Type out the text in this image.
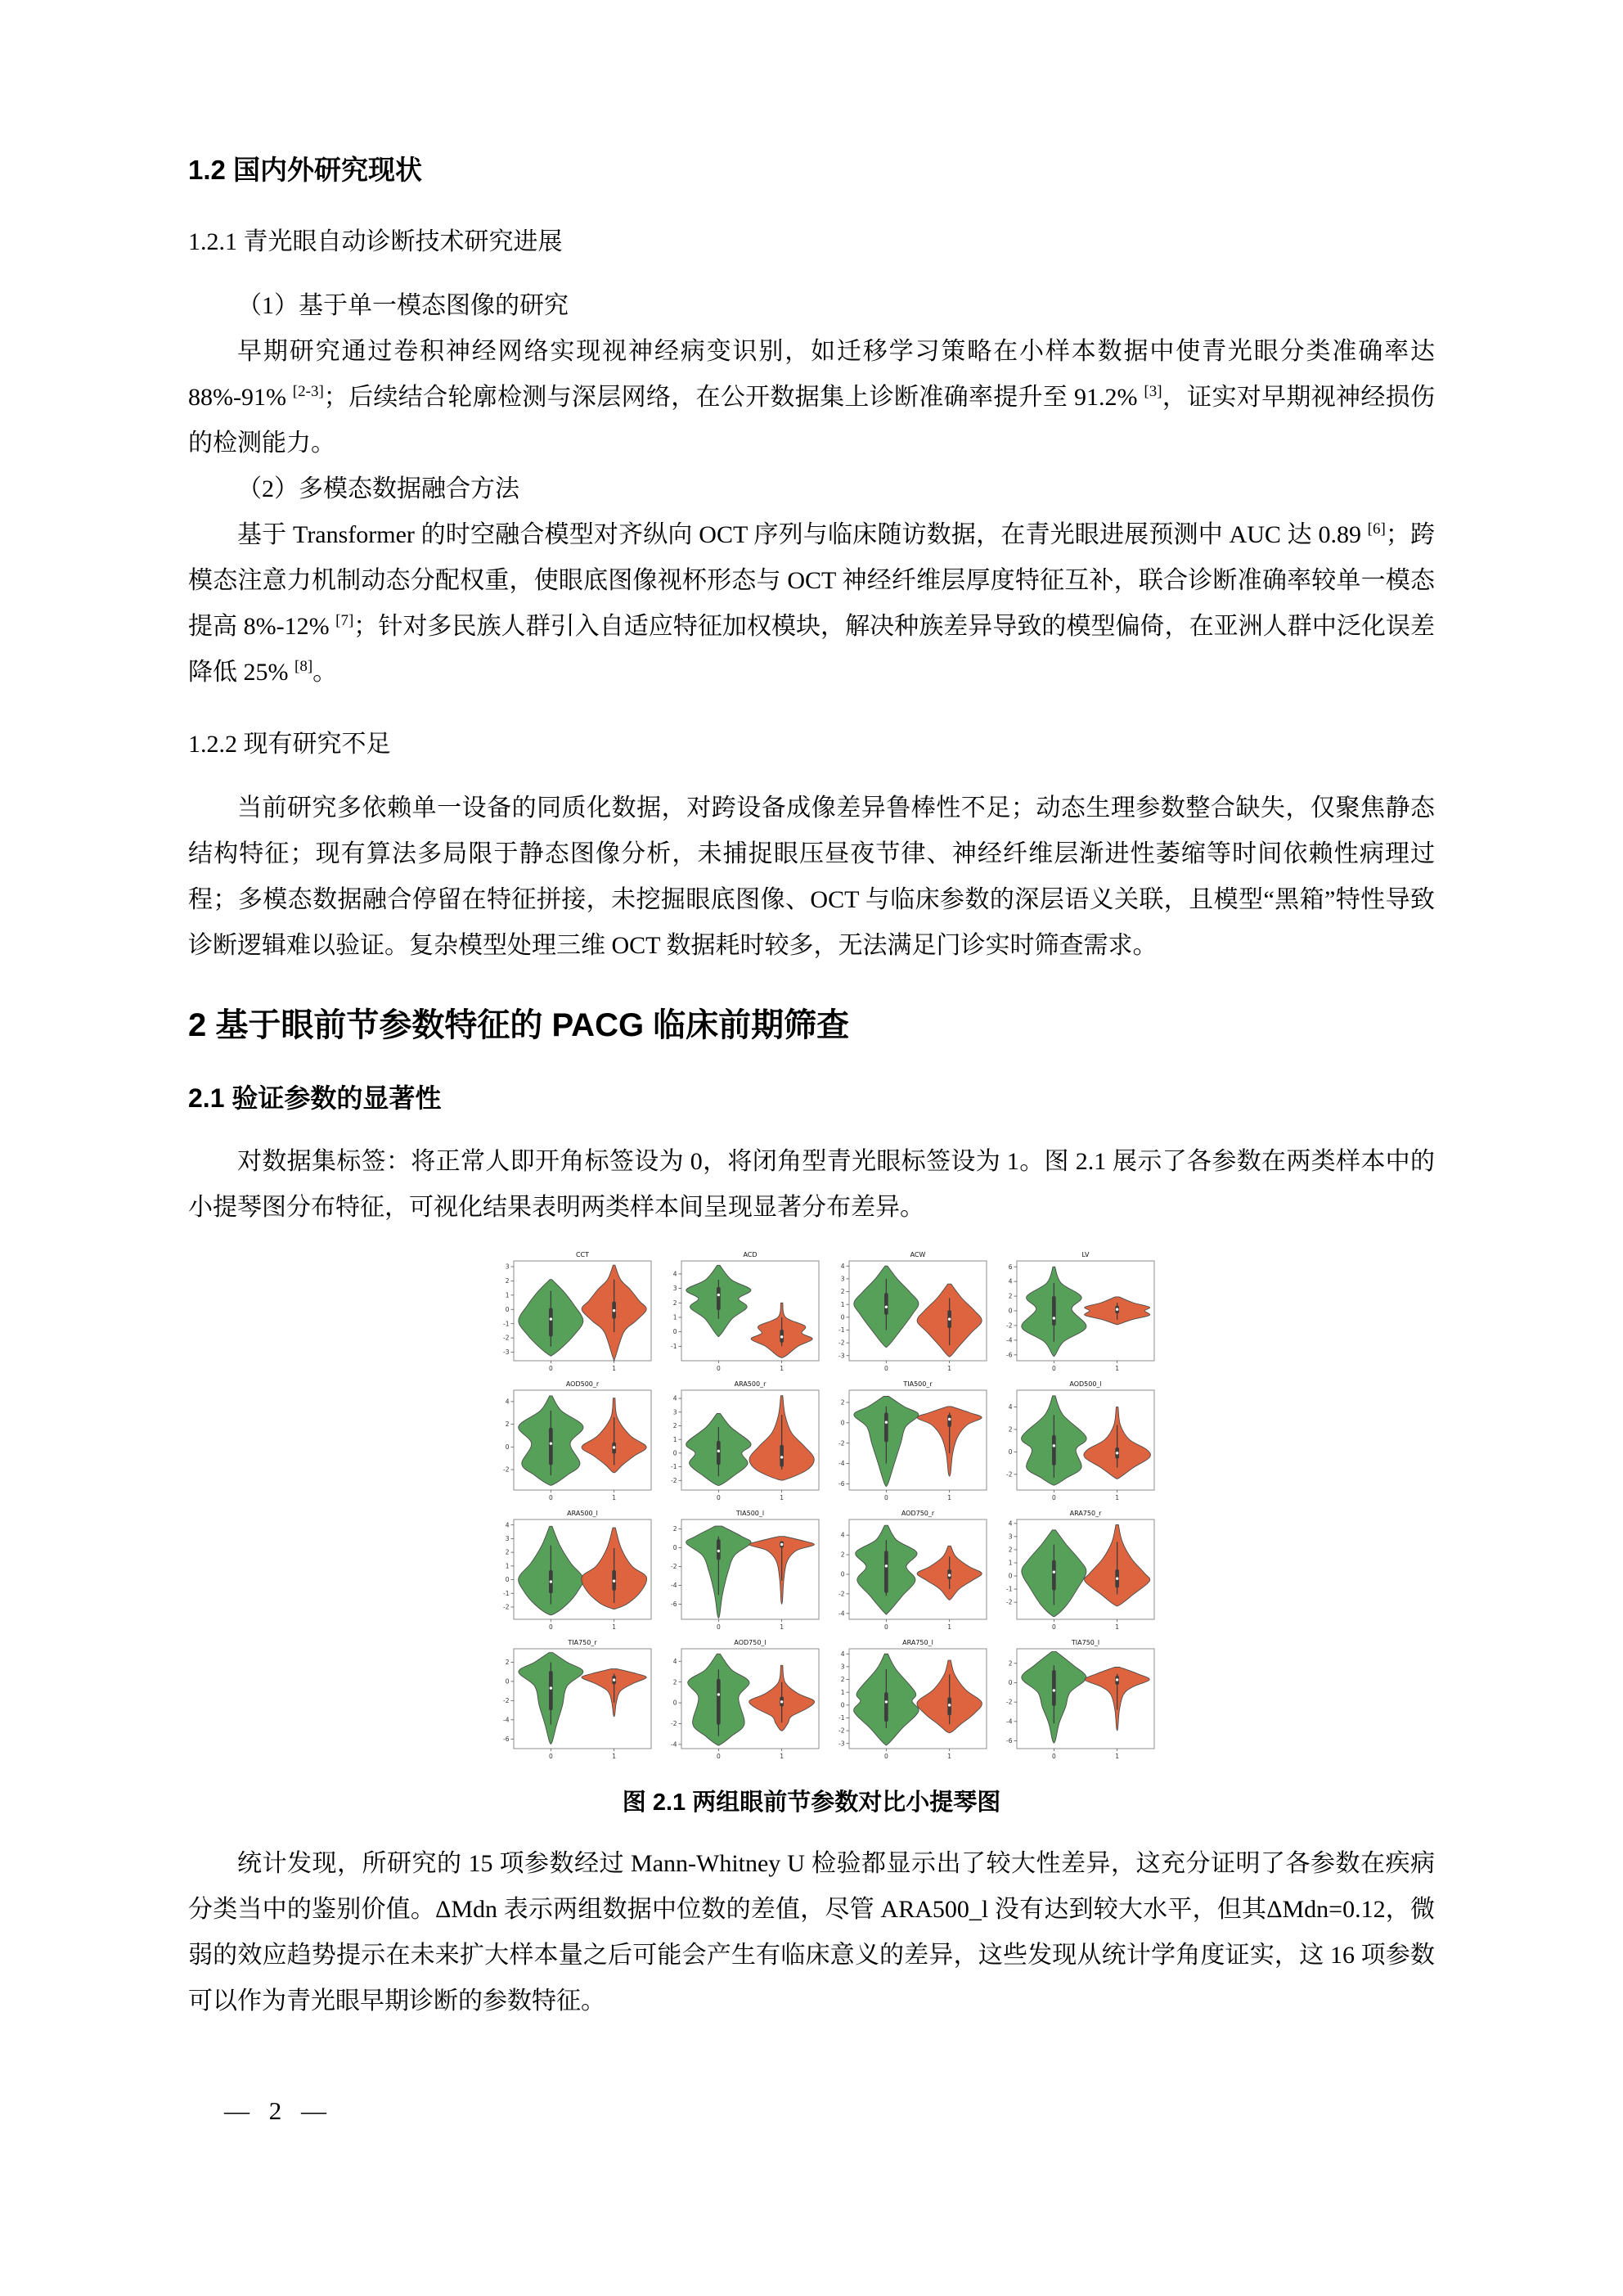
1.2 国内外研究现状
1.2.1 青光眼自动诊断技术研究进展

（1）基于单一模态图像的研究

早期研究通过卷积神经网络实现视神经病变识别，如迁移学习策略在小样本数据中使青光眼分类准确率达 88%-91% [2-3]；后续结合轮廓检测与深层网络，在公开数据集上诊断准确率提升至 91.2% [3]，证实对早期视神经损伤的检测能力。

（2）多模态数据融合方法

基于 Transformer 的时空融合模型对齐纵向 OCT 序列与临床随访数据，在青光眼进展预测中 AUC 达 0.89 [6]；跨模态注意力机制动态分配权重，使眼底图像视杯形态与 OCT 神经纤维层厚度特征互补，联合诊断准确率较单一模态提高 8%-12% [7]；针对多民族人群引入自适应特征加权模块，解决种族差异导致的模型偏倚，在亚洲人群中泛化误差降低 25% [8]。

1.2.2 现有研究不足

当前研究多依赖单一设备的同质化数据，对跨设备成像差异鲁棒性不足；动态生理参数整合缺失，仅聚焦静态结构特征；现有算法多局限于静态图像分析，未捕捉眼压昼夜节律、神经纤维层渐进性萎缩等时间依赖性病理过程；多模态数据融合停留在特征拼接，未挖掘眼底图像、OCT 与临床参数的深层语义关联，且模型“黑箱”特性导致诊断逻辑难以验证。复杂模型处理三维 OCT 数据耗时较多，无法满足门诊实时筛查需求。

2 基于眼前节参数特征的 PACG 临床前期筛查
2.1 验证参数的显著性

对数据集标签：将正常人即开角标签设为 0，将闭角型青光眼标签设为 1。图 2.1 展示了各参数在两类样本中的小提琴图分布特征，可视化结果表明两类样本间呈现显著分布差异。

CCT
3
2
1
0
-1
-2
-3
0	1
ACD
4
3
2
1
0
-1
0	1
ACW
4
3
2
1
0
-1
-2
-3
0	1
LV
6
4
2
0
-2
-4
-6
0	1
AOD500_r
4
2
0
-2
0	1
ARA500_r
4
3
2
1
0
-1
-2
0	1
TIA500_r
2
0
-2
-4
-6
0	1
AOD500_l
4
2
0
-2
0	1
ARA500_l
4
3
2
1
0
-1
-2
0	1
TIA500_l
2
0
-2
-4
-6
0	1
AOD750_r
4
2
0
-2
-4
0	1
ARA750_r
4
3
2
1
0
-1
-2
0	1
TIA750_r
2
0
-2
-4
-6
0	1
AOD750_l
4
2
0
-2
-4
0	1
ARA750_l
4
3
2
1
0
-1
-2
-3
0	1
TIA750_l
2
0
-2
-4
-6
0	1
图 2.1 两组眼前节参数对比小提琴图

统计发现，所研究的 15 项参数经过 Mann-Whitney U 检验都显示出了较大性差异，这充分证明了各参数在疾病分类当中的鉴别价值。ΔMdn 表示两组数据中位数的差值，尽管 ARA500_l 没有达到较大水平，但其ΔMdn=0.12，微弱的效应趋势提示在未来扩大样本量之后可能会产生有临床意义的差异，这些发现从统计学角度证实，这 16 项参数可以作为青光眼早期诊断的参数特征。

— 2 —
